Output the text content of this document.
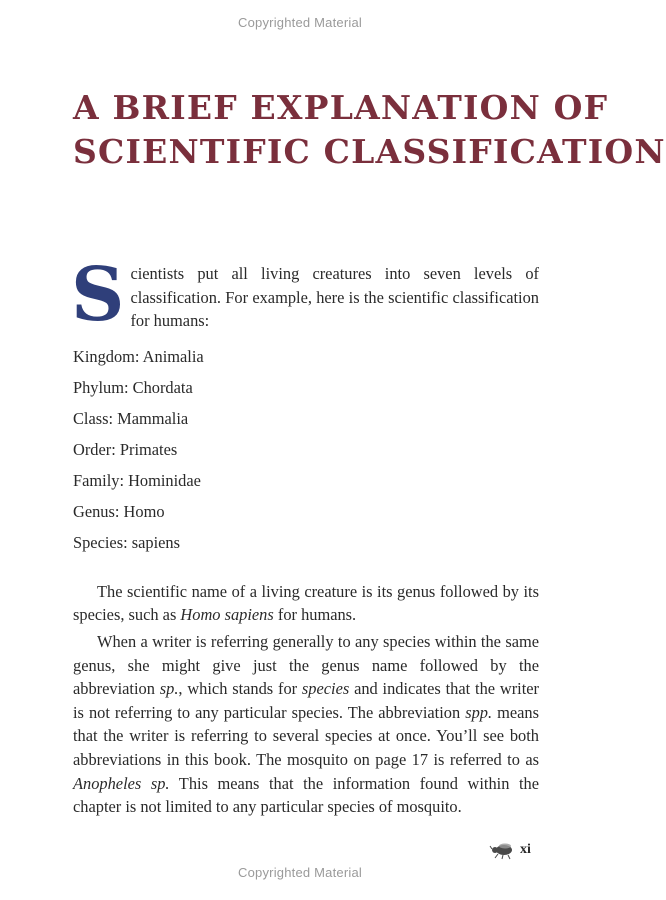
Copyrighted Material
A BRIEF EXPLANATION OF
SCIENTIFIC CLASSIFICATION

Scientists put all living creatures into seven levels of classification. For example, here is the scientific classification for humans:

Kingdom: Animalia
Phylum: Chordata
Class: Mammalia
Order: Primates
Family: Hominidae
Genus: Homo
Species: sapiens

The scientific name of a living creature is its genus followed by its species, such as Homo sapiens for humans.

When a writer is referring generally to any species within the same genus, she might give just the genus name followed by the abbreviation sp., which stands for species and indicates that the writer is not referring to any particular species. The abbreviation spp. means that the writer is referring to several species at once. You’ll see both abbreviations in this book. The mosquito on page 17 is referred to as Anopheles sp. This means that the information found within the chapter is not limited to any particular species of mosquito.

xi
Copyrighted Material
